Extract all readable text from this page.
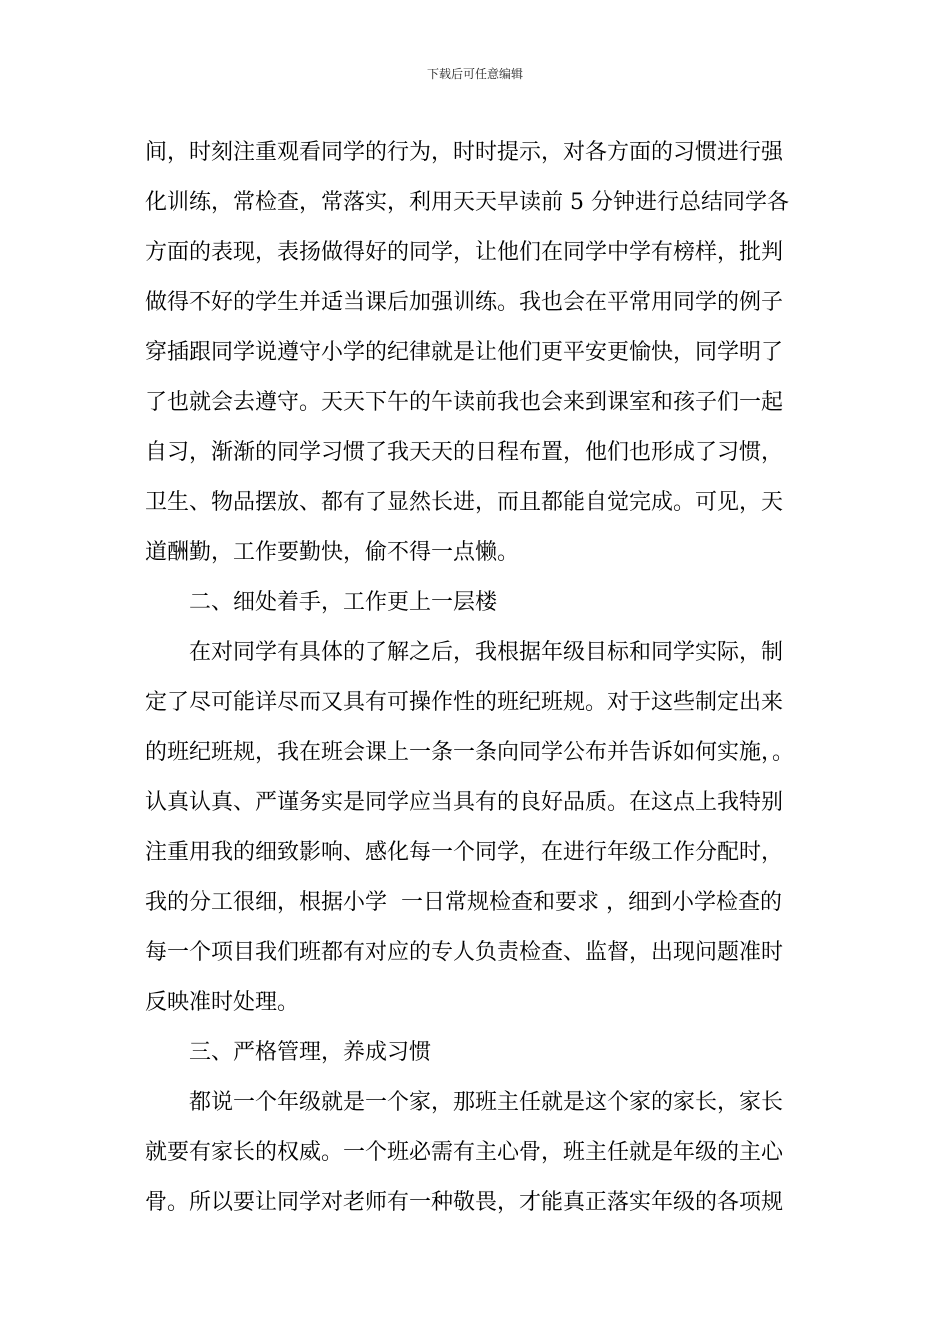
下载后可任意编辑
间，时刻注重观看同学的行为，时时提示，对各方面的习惯进行强
化训练，常检查，常落实，利用天天早读前 5 分钟进行总结同学各
方面的表现，表扬做得好的同学，让他们在同学中学有榜样，批判
做得不好的学生并适当课后加强训练。我也会在平常用同学的例子
穿插跟同学说遵守小学的纪律就是让他们更平安更愉快，同学明了
了也就会去遵守。天天下午的午读前我也会来到课室和孩子们一起
自习，渐渐的同学习惯了我天天的日程布置，他们也形成了习惯，
卫生、物品摆放、都有了显然长进，而且都能自觉完成。可见，天
道酬勤，工作要勤快，偷不得一点懒。
二、细处着手，工作更上一层楼
在对同学有具体的了解之后，我根据年级目标和同学实际，制
定了尽可能详尽而又具有可操作性的班纪班规。对于这些制定出来
的班纪班规，我在班会课上一条一条向同学公布并告诉如何实施，。
认真认真、严谨务实是同学应当具有的良好品质。在这点上我特别
注重用我的细致影响、感化每一个同学，在进行年级工作分配时，
我的分工很细，根据小学  一日常规检查和要求 ，细到小学检查的
每一个项目我们班都有对应的专人负责检查、监督，出现问题准时
反映准时处理。
三、严格管理，养成习惯
都说一个年级就是一个家，那班主任就是这个家的家长，家长
就要有家长的权威。一个班必需有主心骨，班主任就是年级的主心
骨。所以要让同学对老师有一种敬畏，才能真正落实年级的各项规
